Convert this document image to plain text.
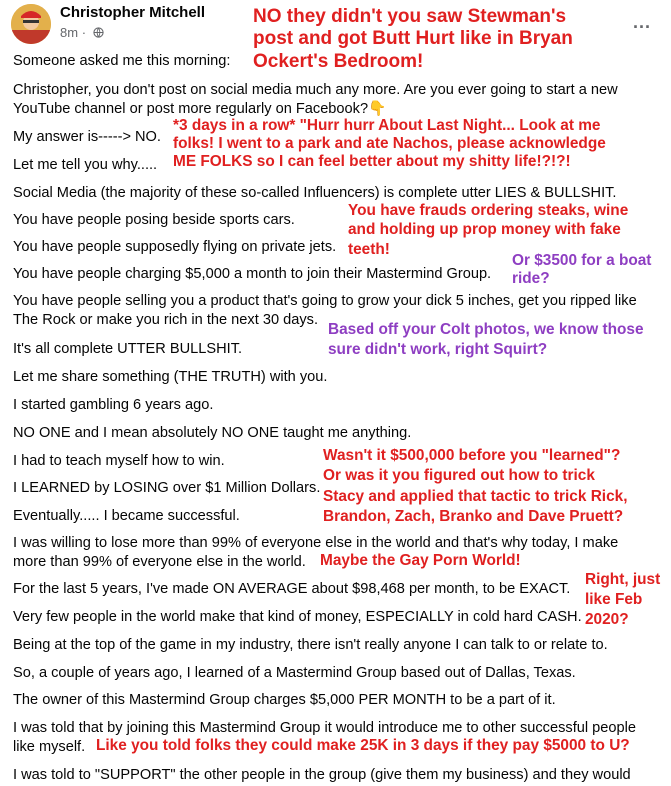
Christopher Mitchell
8m ·
...
Someone asked me this morning:
Christopher, you don't post on social media much any more. Are you ever going to start a new
YouTube channel or post more regularly on Facebook?👇
My answer is-----> NO.
Let me tell you why.....
Social Media (the majority of these so-called Influencers) is complete utter LIES & BULLSHIT.
You have people posing beside sports cars.
You have people supposedly flying on private jets.
You have people charging $5,000 a month to join their Mastermind Group.
You have people selling you a product that's going to grow your dick 5 inches, get you ripped like
The Rock or make you rich in the next 30 days.
It's all complete UTTER BULLSHIT.
Let me share something (THE TRUTH) with you.
I started gambling 6 years ago.
NO ONE and I mean absolutely NO ONE taught me anything.
I had to teach myself how to win.
I LEARNED by LOSING over $1 Million Dollars.
Eventually..... I became successful.
I was willing to lose more than 99% of everyone else in the world and that's why today, I make
more than 99% of everyone else in the world.
For the last 5 years, I've made ON AVERAGE about $98,468 per month, to be EXACT.
Very few people in the world make that kind of money, ESPECIALLY in cold hard CASH.
Being at the top of the game in my industry, there isn't really anyone I can talk to or relate to.
So, a couple of years ago, I learned of a Mastermind Group based out of Dallas, Texas.
The owner of this Mastermind Group charges $5,000 PER MONTH to be a part of it.
I was told that by joining this Mastermind Group it would introduce me to other successful people
like myself.
I was told to "SUPPORT" the other people in the group (give them my business) and they would
NO they didn't you saw Stewman's
post and got Butt Hurt like in Bryan
Ockert's Bedroom!
*3 days in a row* "Hurr hurr About Last Night... Look at me
folks! I went to a park and ate Nachos, please acknowledge
ME FOLKS so I can feel better about my shitty life!?!?!
You have frauds ordering steaks, wine
and holding up prop money with fake
teeth!
Or $3500 for a boat
ride?
Based off your Colt photos, we know those
sure didn't work, right Squirt?
Wasn't it $500,000 before you "learned"?
Or was it you figured out how to trick
Stacy and applied that tactic to trick Rick,
Brandon, Zach, Branko and Dave Pruett?
Maybe the Gay Porn World!
Right, just
like Feb
2020?
Like you told folks they could make 25K in 3 days if they pay $5000 to U?
